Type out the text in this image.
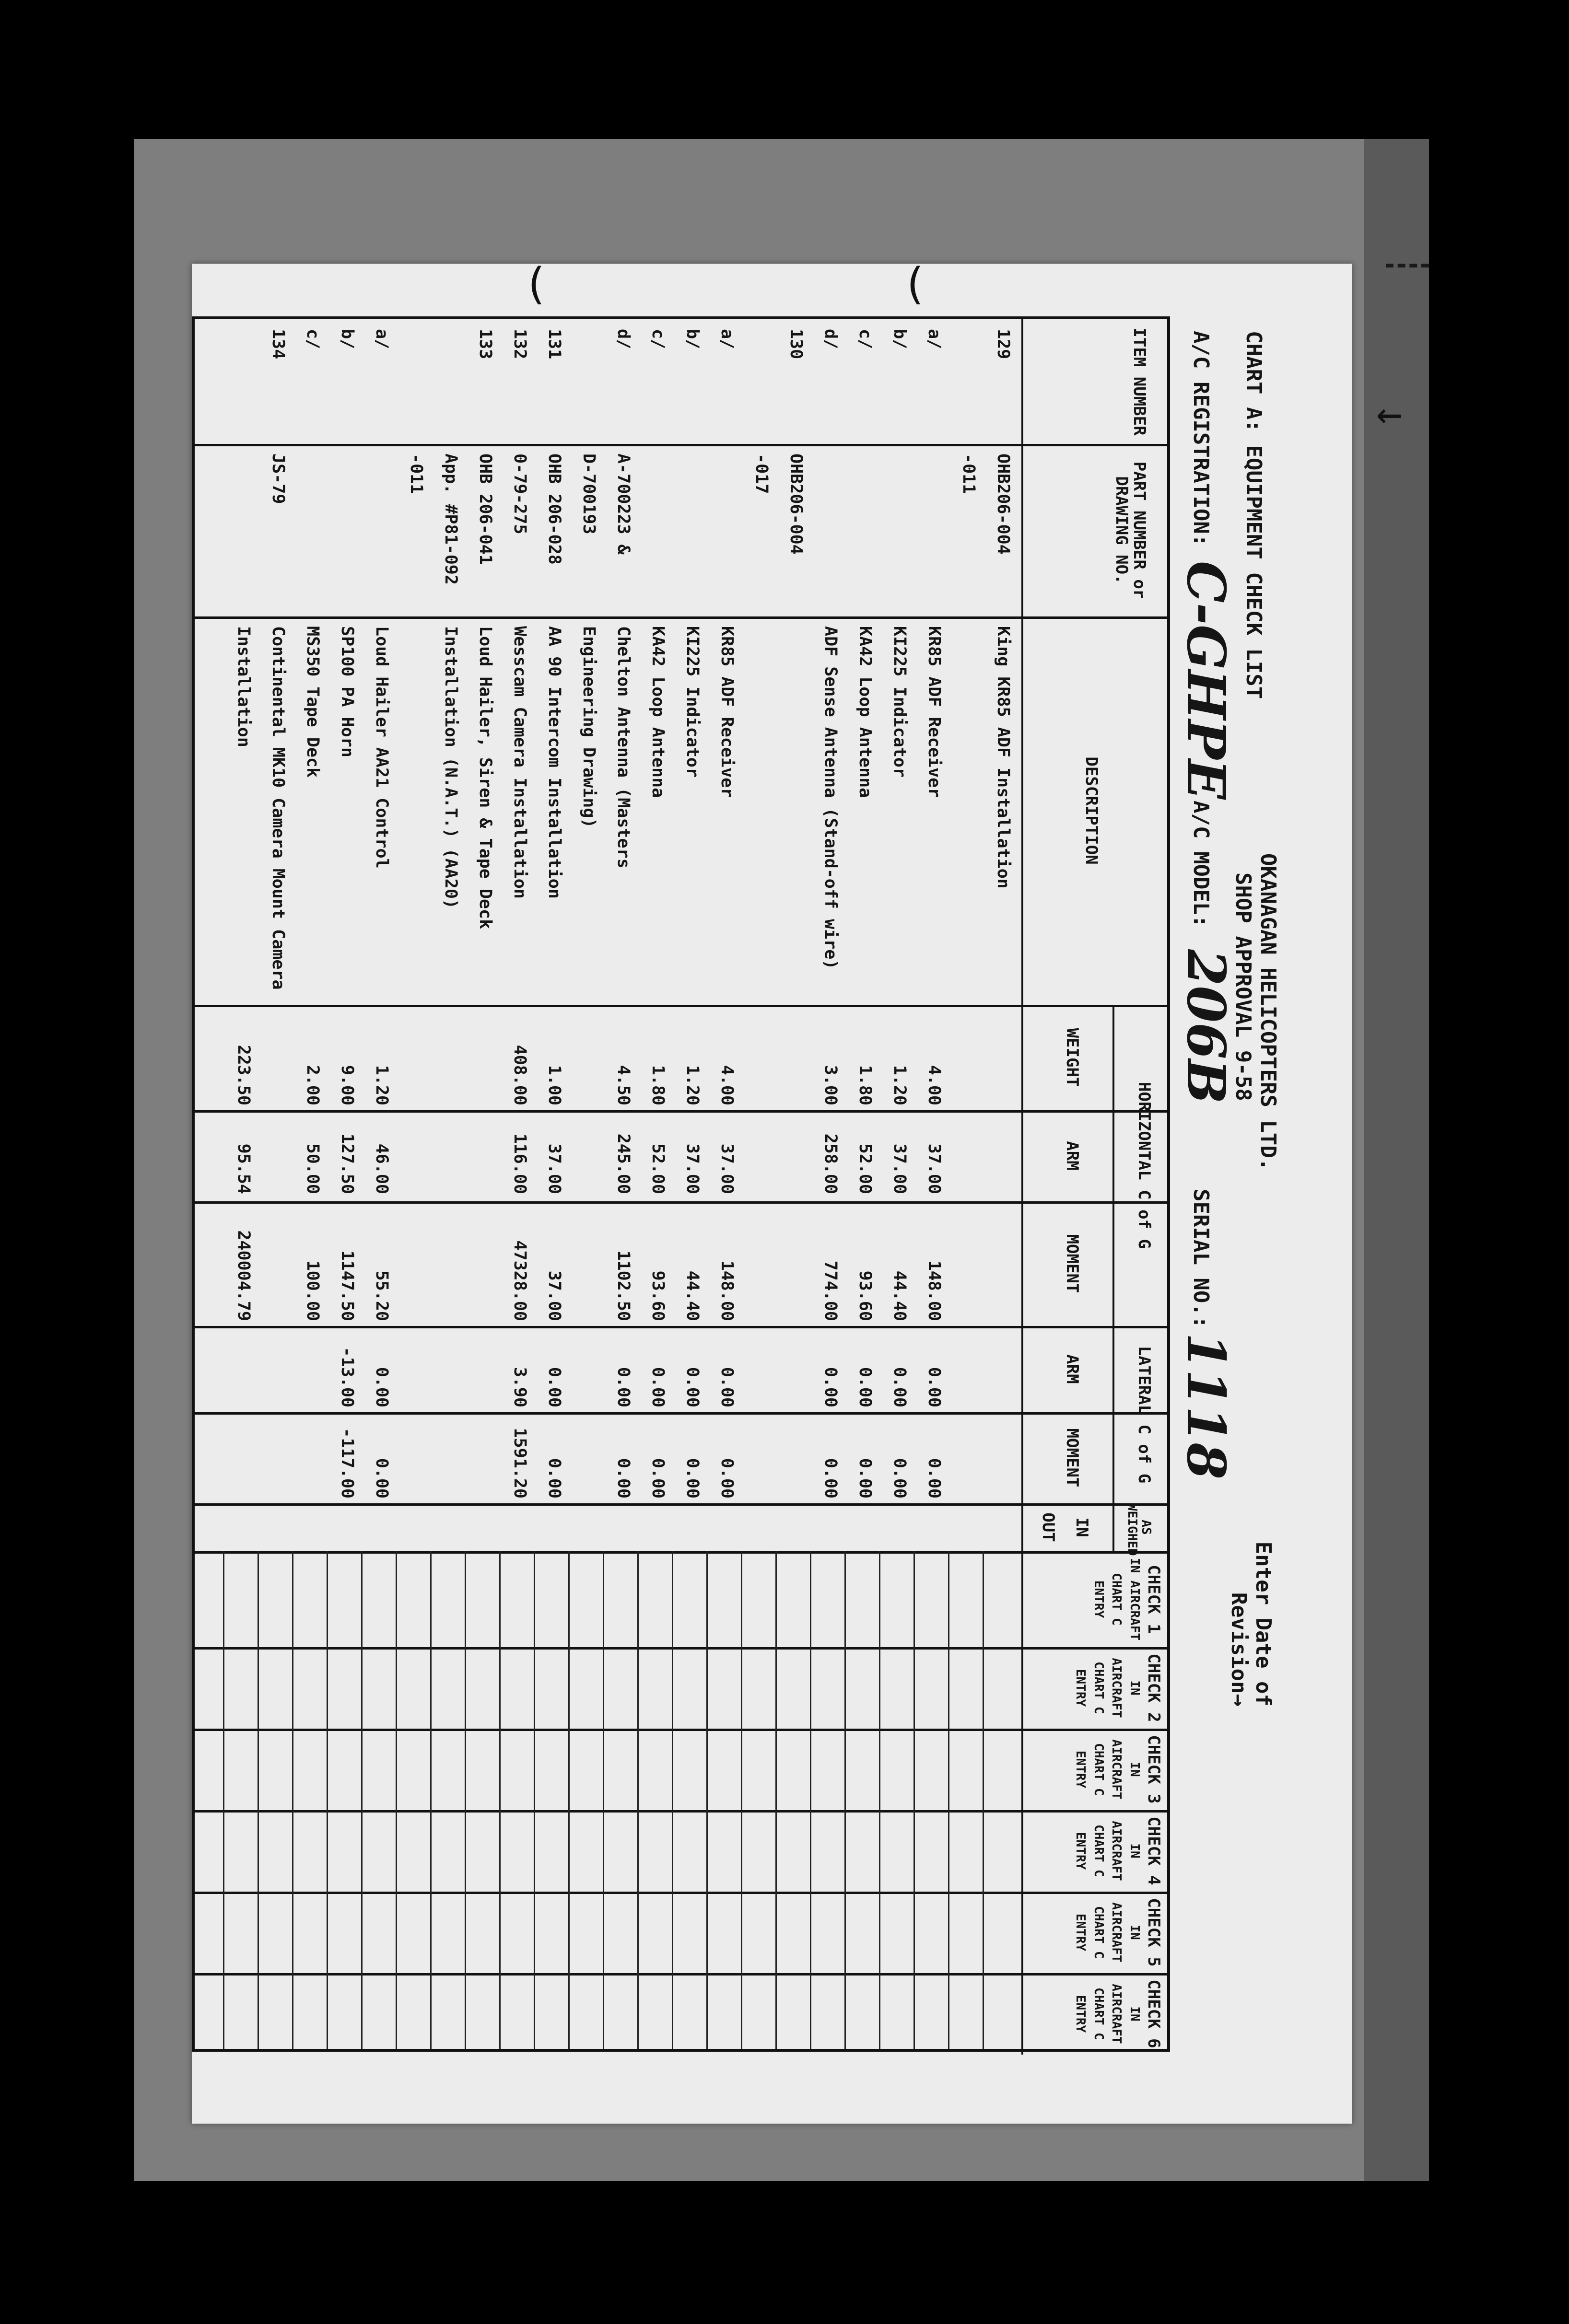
←
(	(
CHART A: EQUIPMENT CHECK LIST
OKANAGAN HELICOPTERS LTD.
SHOP APPROVAL 9-58
Enter Date of Revision→
A/C REGISTRATION:
C-GHPE
A/C MODEL:
206B
SERIAL NO.:
1118
ITEM NUMBER
PART NUMBER or DRAWING NO.
DESCRIPTION
HORIZONTAL C of G
LATERAL C of G
WEIGHT
ARM
MOMENT
ARM
MOMENT
AS WEIGHED
IN
OUT
CHECK 1
IN AIRCRAFT CHART C ENTRY
CHECK 2
IN AIRCRAFT CHART C ENTRY
CHECK 3
IN AIRCRAFT CHART C ENTRY
CHECK 4
IN AIRCRAFT CHART C ENTRY
CHECK 5
IN AIRCRAFT CHART C ENTRY
CHECK 6
IN AIRCRAFT CHART C ENTRY
129
OHB206-004
King KR85 ADF Installation
-011
a/
KR85 ADF Receiver
4.00
37.00
148.00
0.00
0.00
b/
KI225 Indicator
1.20
37.00
44.40
0.00
0.00
c/
KA42 Loop Antenna
1.80
52.00
93.60
0.00
0.00
d/
ADF Sense Antenna (Stand-off wire)
3.00
258.00
774.00
0.00
0.00
130
OHB206-004
-017
a/
KR85 ADF Receiver
4.00
37.00
148.00
0.00
0.00
b/
KI225 Indicator
1.20
37.00
44.40
0.00
0.00
c/
KA42 Loop Antenna
1.80
52.00
93.60
0.00
0.00
d/
A-700223 &
Chelton Antenna (Masters
4.50
245.00
1102.50
0.00
0.00
D-700193
Engineering Drawing)
131
OHB 206-028
AA 90 Intercom Installation
1.00
37.00
37.00
0.00
0.00
132
0-79-275
Wesscam Camera Installation
408.00
116.00
47328.00
3.90
1591.20
133
OHB 206-041
Loud Hailer, Siren & Tape Deck
App. #P81-092
Installation (N.A.T.) (AA20)
-011
a/
Loud Hailer AA21 Control
1.20
46.00
55.20
0.00
0.00
b/
SP100 PA Horn
9.00
127.50
1147.50
-13.00
-117.00
c/
MS350 Tape Deck
2.00
50.00
100.00
134
JS-79
Continental MK10 Camera Mount Camera
Installation
223.50
95.54
240004.79
